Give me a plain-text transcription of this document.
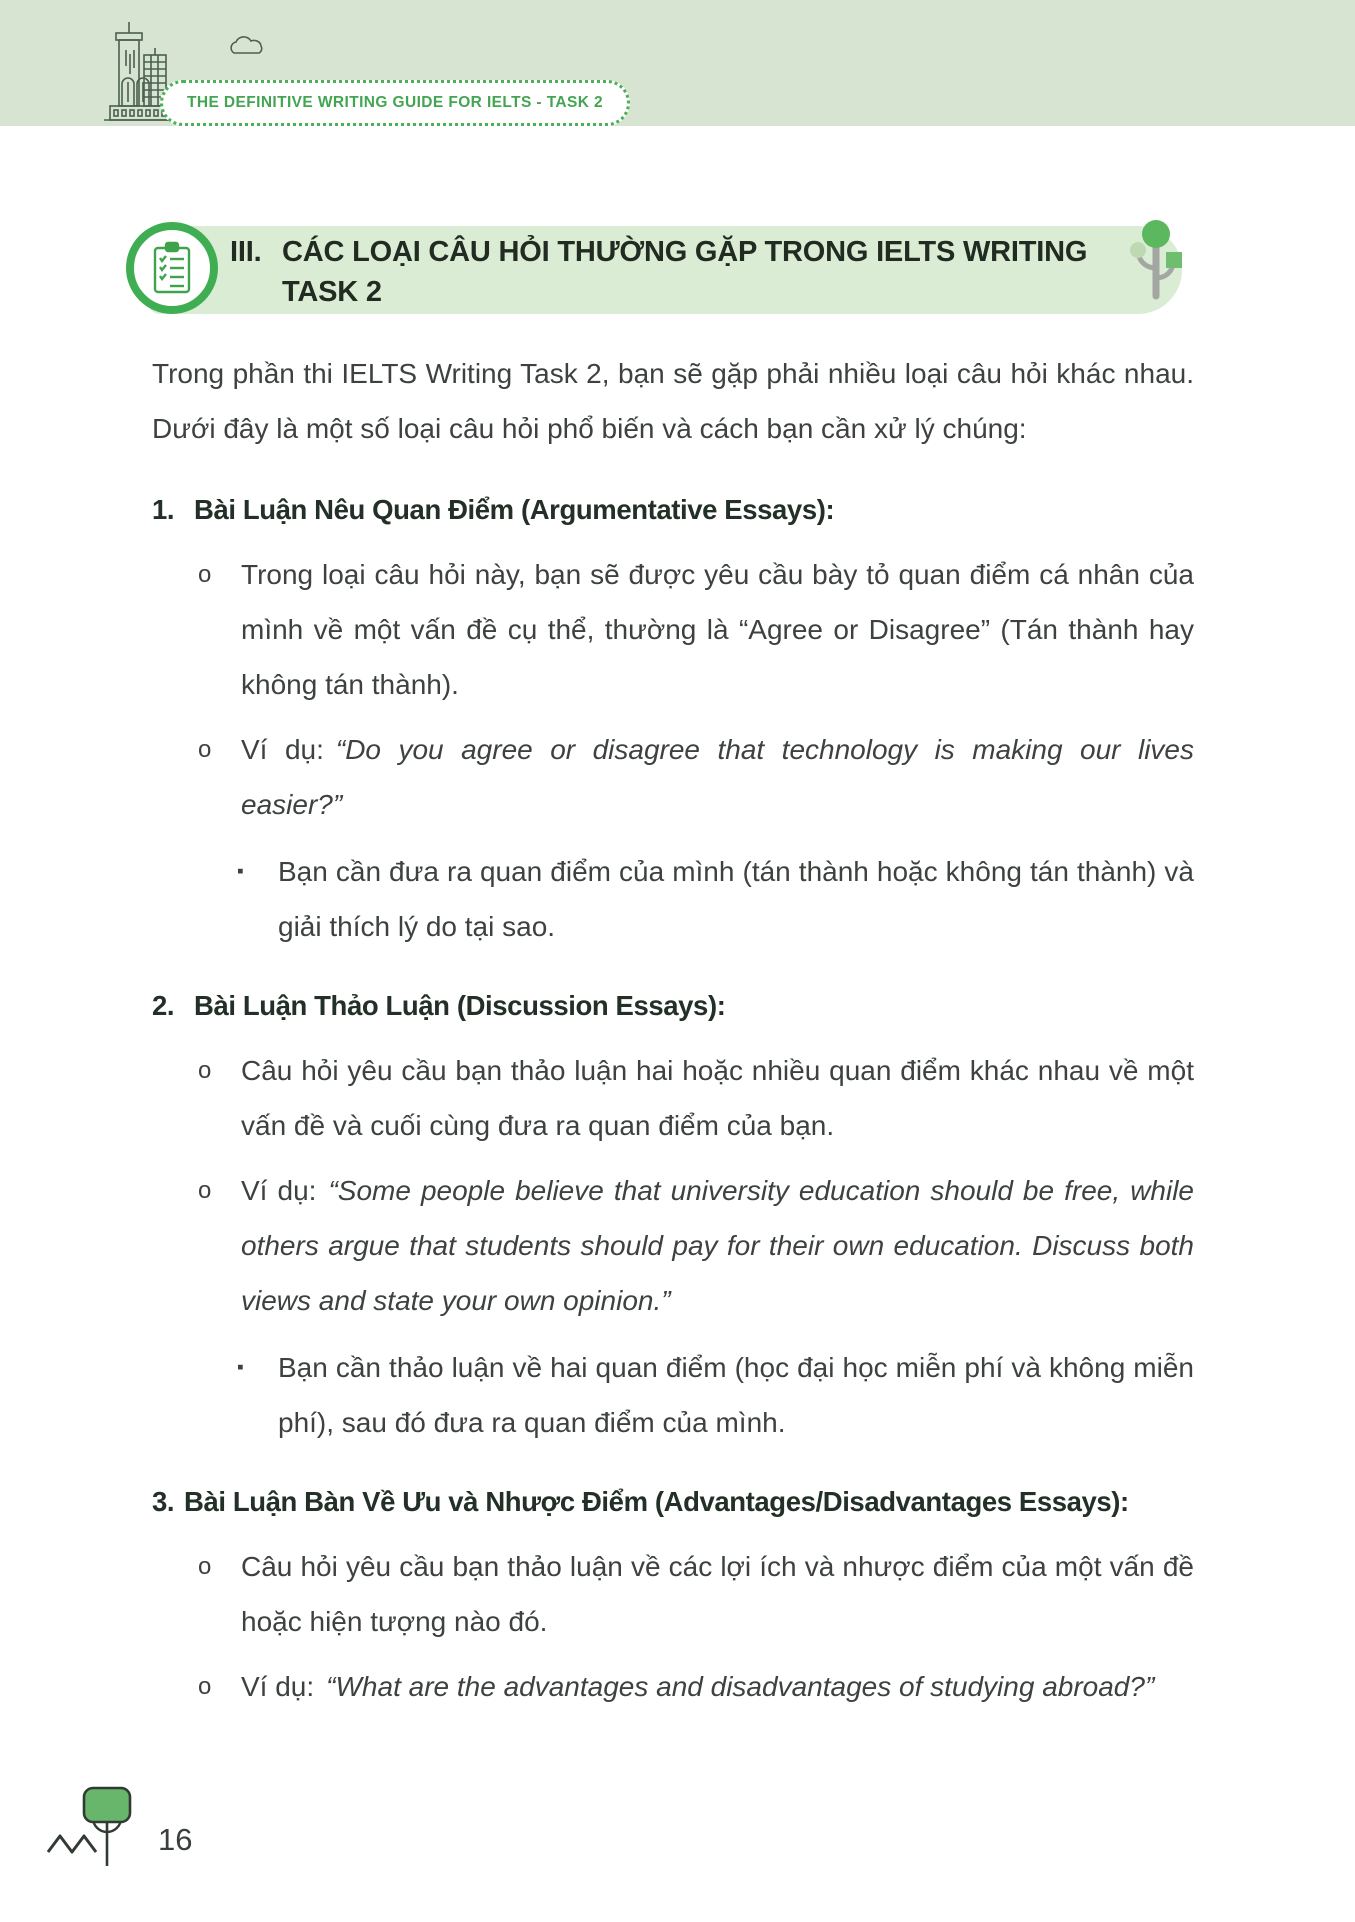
THE DEFINITIVE WRITING GUIDE FOR IELTS - TASK 2
III. CÁC LOẠI CÂU HỎI THƯỜNG GẶP TRONG IELTS WRITING
TASK 2

Trong phần thi IELTS Writing Task 2, bạn sẽ gặp phải nhiều loại câu hỏi khác nhau. Dưới đây là một số loại câu hỏi phổ biến và cách bạn cần xử lý chúng:

1. Bài Luận Nêu Quan Điểm (Argumentative Essays):
o	Trong loại câu hỏi này, bạn sẽ được yêu cầu bày tỏ quan điểm cá nhân của mình về một vấn đề cụ thể, thường là “Agree or Disagree” (Tán thành hay không tán thành).
o	Ví dụ: “Do you agree or disagree that technology is making our lives easier?”
▪	Bạn cần đưa ra quan điểm của mình (tán thành hoặc không tán thành) và giải thích lý do tại sao.
2. Bài Luận Thảo Luận (Discussion Essays):
o	Câu hỏi yêu cầu bạn thảo luận hai hoặc nhiều quan điểm khác nhau về một vấn đề và cuối cùng đưa ra quan điểm của bạn.
o	Ví dụ: “Some people believe that university education should be free, while others argue that students should pay for their own education. Discuss both views and state your own opinion.”
▪	Bạn cần thảo luận về hai quan điểm (học đại học miễn phí và không miễn phí), sau đó đưa ra quan điểm của mình.
3. Bài Luận Bàn Về Ưu và Nhược Điểm (Advantages/Disadvantages Essays):
o	Câu hỏi yêu cầu bạn thảo luận về các lợi ích và nhược điểm của một vấn đề hoặc hiện tượng nào đó.
o	Ví dụ: “What are the advantages and disadvantages of studying abroad?”
16
